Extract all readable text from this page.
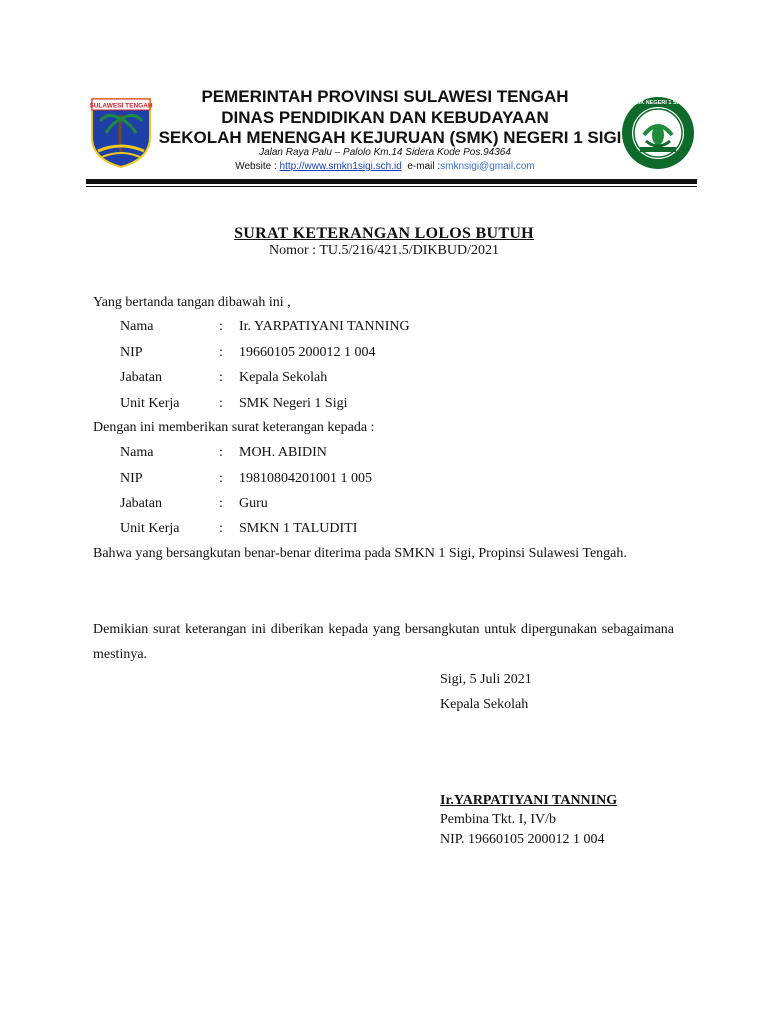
SULAWESI TENGAH	PEMERINTAH PROVINSI SULAWESI TENGAH
DINAS PENDIDIKAN DAN KEBUDAYAAN
SEKOLAH MENENGAH KEJURUAN (SMK) NEGERI 1 SIGI
Jalan Raya Palu – Palolo Km.14 Sidera Kode Pos.94364
Website : http://www.smkn1sigi.sch.id e-mail :smknsigi@gmail.com
SMK NEGERI 1 SIGI
SURAT KETERANGAN LOLOS BUTUH
Nomor : TU.5/216/421.5/DIKBUD/2021
Yang bertanda tangan dibawah ini ,
Nama	: Ir. YARPATIYANI TANNING
NIP	: 19660105 200012 1 004
Jabatan	: Kepala Sekolah
Unit Kerja	: SMK Negeri 1 Sigi
Dengan ini memberikan surat keterangan kepada :
Nama	: MOH. ABIDIN
NIP	: 19810804201001 1 005
Jabatan	: Guru
Unit Kerja	: SMKN 1 TALUDITI
Bahwa yang bersangkutan benar-benar diterima pada SMKN 1 Sigi, Propinsi Sulawesi Tengah.
Demikian surat keterangan ini diberikan kepada yang bersangkutan untuk dipergunakan sebagaimana mestinya.
Sigi, 5 Juli 2021
Kepala Sekolah
Ir.YARPATIYANI TANNING
Pembina Tkt. I, IV/b
NIP. 19660105 200012 1 004
